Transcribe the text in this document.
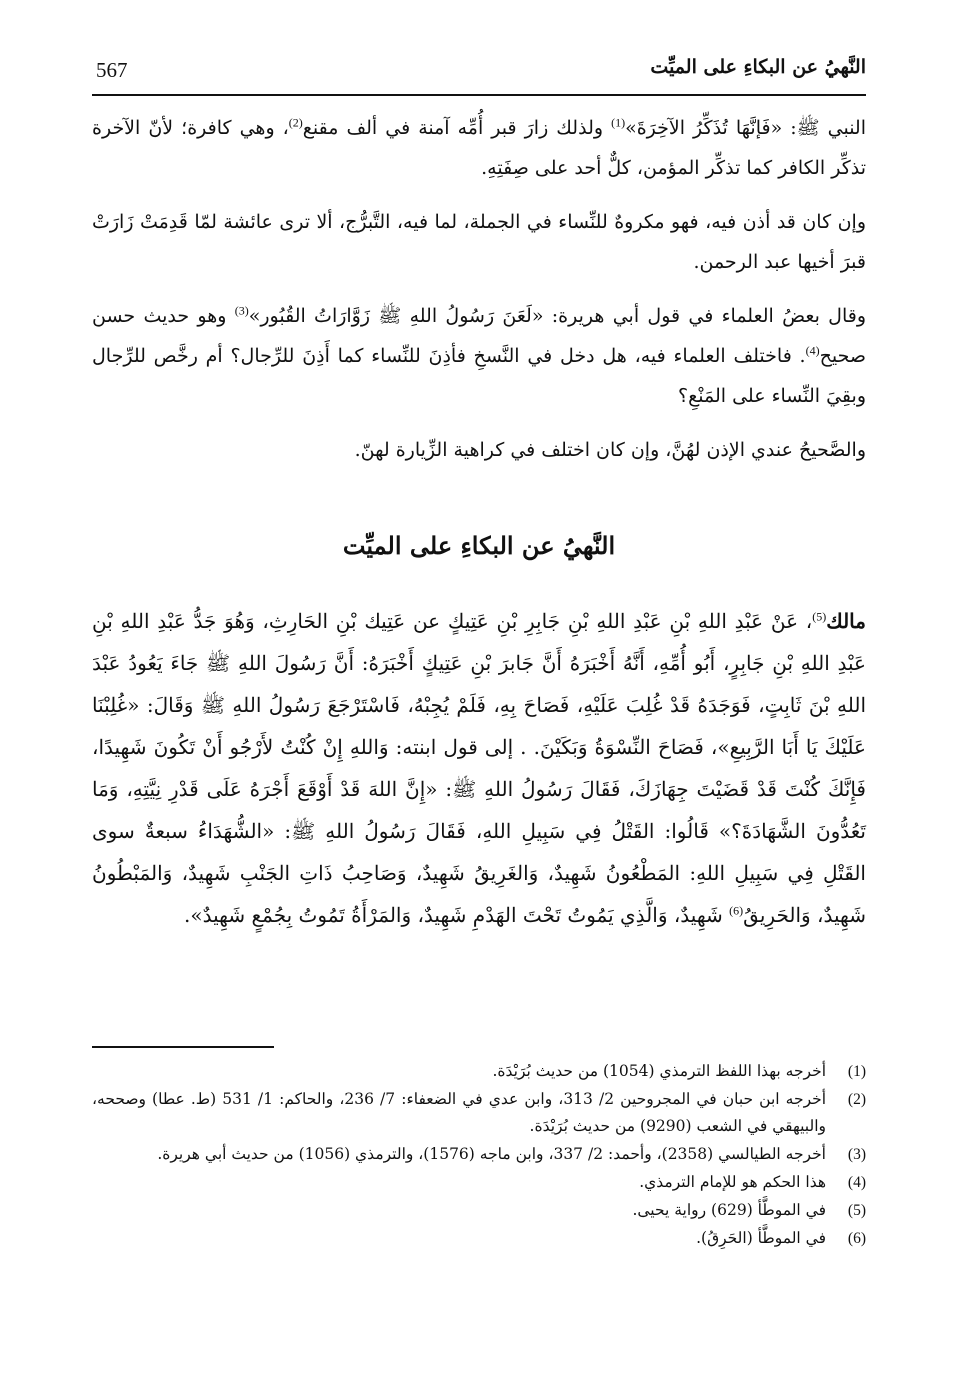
النَّهيُ عن البكاءِ على الميِّت
567

النبي ﷺ: «فَإنَّهَا تُذَكِّرُ الآخِرَةَ»$^{(1)}$ ولذلك زارَ قبر أُمِّه آمنة في ألف مقنع$^{(2)}$، وهي كافرة؛ لأنّ الآخرة تذكِّر الكافر كما تذكِّر المؤمن، كلٌّ أحد على صِفَتِهِ.

وإن كان قد أذن فيه، فهو مكروهٌ للنِّساء في الجملة، لما فيه، التَّبرُّج، ألا ترى عائشة لمّا قَدِمَتْ زَارَتْ قبرَ أخيها عبد الرحمن.

وقال بعضُ العلماء في قول أبي هريرة: «لَعَنَ رَسُولُ اللهِ ﷺ زَوَّارَاتُ القُبُور»$^{(3)}$ وهو حديث حسن صحيح$^{(4)}$. فاختلف العلماء فيه، هل دخل في النَّسخِ فأذِنَ للنِّساء كما أَذِنَ للرِّجال؟ أم رخَّص للرِّجال وبقِيَ النِّساء على المَنْعِ؟

والصَّحيحُ عندي الإذن لهُنَّ، وإن كان اختلف في كراهية الزِّيارة لهنّ.

النَّهيُ عن البكاءِ على الميِّت

مالك$^{(5)}$، عَنْ عَبْدِ اللهِ بْنِ عَبْدِ اللهِ بْنِ جَابِرِ بْنِ عَتِيكٍ عن عَتِيك بْنِ الحَارِثِ، وَهُوَ جَدُّ عَبْدِ اللهِ بْنِ عَبْدِ اللهِ بْنِ جَابِرٍ، أَبُو أُمِّهِ، أَنَّهُ أَخْبَرَهُ أَنَّ جَابرَ بْنِ عَتِيكٍ أَخْبَرَهُ: أَنَّ رَسُولَ اللهِ ﷺ جَاءَ يَعُودُ عَبْدَ اللهِ بْنَ ثَابِتٍ، فَوَجَدَهُ قَدْ غُلِبَ عَلَيْهِ، فَصَاحَ بِهِ، فَلَمْ يُجِبْهُ، فَاسْتَرْجَعَ رَسُولُ اللهِ ﷺ وَقَالَ: «غُلِبْنَا عَلَيْكَ يَا أَبَا الرَّبِيعِ»، فَصَاحَ النِّسْوَةُ وَبَكَيْنَ. . إلى قول ابنته: وَاللهِ إِنْ كُنْتُ لأَرْجُو أَنْ تَكُونَ شَهِيدًا، فَإِنَّكَ كُنْتَ قَدْ قَضَيْتَ جِهَازَكَ، فَقَالَ رَسُولُ اللهِ ﷺ: «إِنَّ اللهَ قَدْ أَوْقَعَ أَجْرَهُ عَلَى قَدْرِ نِيَّتِهِ، وَمَا تَعُدُّونَ الشَّهَادَةَ؟» قَالُوا: القَتْلُ فِي سَبِيلِ اللهِ، فَقَالَ رَسُولُ اللهِ ﷺ: «الشُّهَدَاءُ سبعةٌ سوى القَتْلِ فِي سَبِيلِ اللهِ: المَطْعُونُ شَهِيدٌ، وَالغَرِيقُ شَهِيدٌ، وَصَاحِبُ ذَاتِ الجَنْبِ شَهِيدٌ، وَالمَبْطُونُ شَهِيدٌ، وَالحَرِيقُ$^{(6)}$ شَهِيدٌ، وَالَّذِي يَمُوتُ تَحْتَ الهَدْمِ شَهِيدٌ، وَالمَرْأَةُ تَمُوتُ بِجُمْعٍ شَهِيدٌ».

(1)
أخرجه بهذا اللفظ الترمذي (1054) من حديث بُرَيْدَة.
(2)
أخرجه ابن حبان في المجروحين 2/ 313، وابن عدي في الضعفاء: 7/ 236، والحاكم: 1/ 531 (ط. عطا) وصححه، والبيهقي في الشعب (9290) من حديث بُرَيْدَة.
(3)
أخرجه الطيالسي (2358)، وأحمد: 2/ 337، وابن ماجه (1576)، والترمذي (1056) من حديث أبي هريرة.
(4)
هذا الحكم هو للإمام الترمذي.
(5)
في الموطَّأ (629) رواية يحيى.
(6)
في الموطَّأ (الحَرِقُ).
